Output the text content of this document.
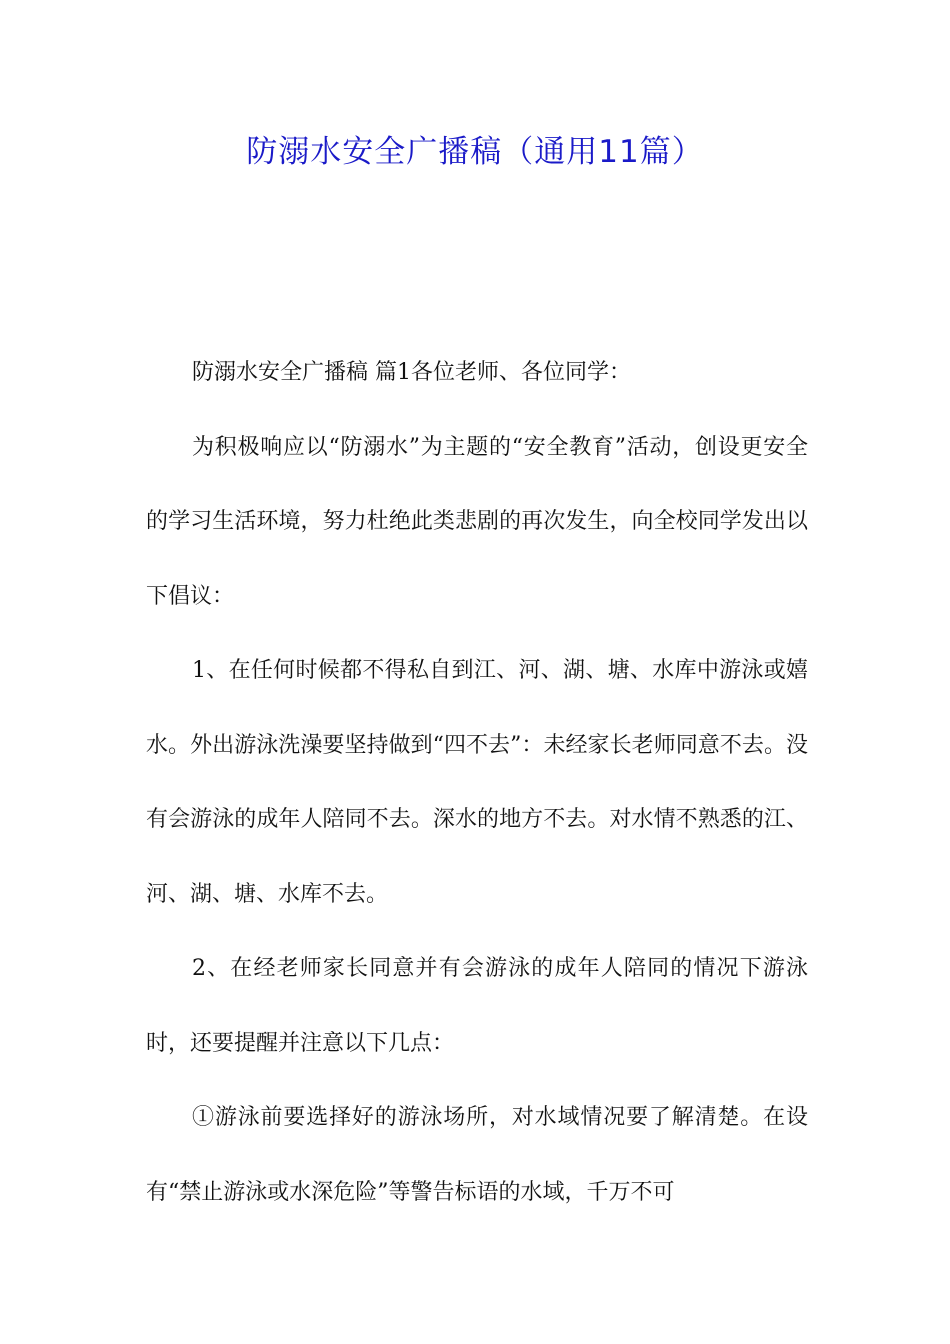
防溺水安全广播稿（通用11篇）

防溺水安全广播稿 篇1各位老师、各位同学：

为积极响应以“防溺水”为主题的“安全教育”活动，创设更安全的学习生活环境，努力杜绝此类悲剧的再次发生，向全校同学发出以下倡议：

1、在任何时候都不得私自到江、河、湖、塘、水库中游泳或嬉水。外出游泳洗澡要坚持做到“四不去”：未经家长老师同意不去。没有会游泳的成年人陪同不去。深水的地方不去。对水情不熟悉的江、河、湖、塘、水库不去。

2、在经老师家长同意并有会游泳的成年人陪同的情况下游泳时，还要提醒并注意以下几点：

①游泳前要选择好的游泳场所，对水域情况要了解清楚。在设有“禁止游泳或水深危险”等警告标语的水域，千万不可
